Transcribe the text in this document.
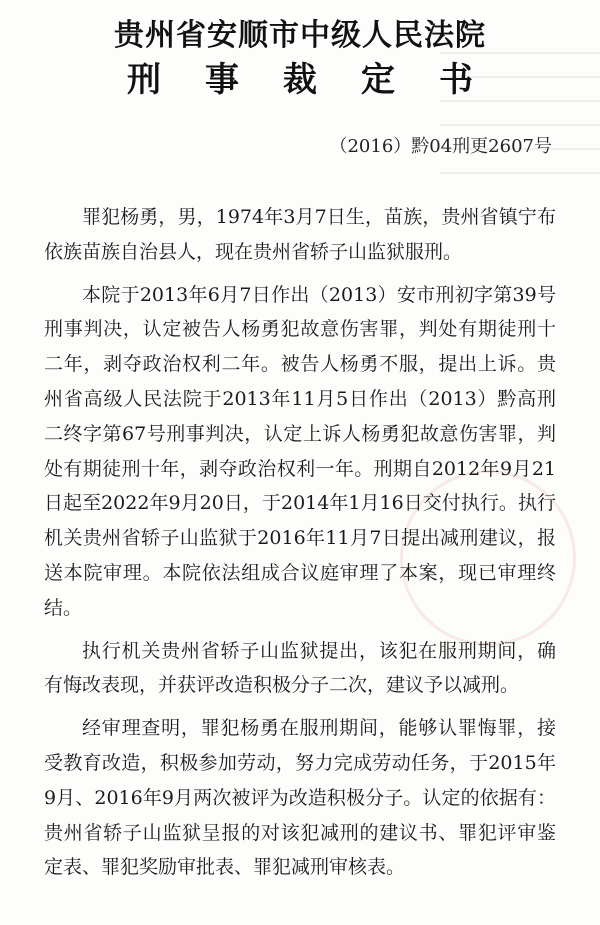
贵州省安顺市中级人民法院
刑事裁定书
（2016）黔04刑更2607号

罪犯杨勇，男，1974年3月7日生，苗族，贵州省镇宁布依族苗族自治县人，现在贵州省轿子山监狱服刑。

本院于2013年6月7日作出（2013）安市刑初字第39号刑事判决，认定被告人杨勇犯故意伤害罪，判处有期徒刑十二年，剥夺政治权利二年。被告人杨勇不服，提出上诉。贵州省高级人民法院于2013年11月5日作出（2013）黔高刑二终字第67号刑事判决，认定上诉人杨勇犯故意伤害罪，判处有期徒刑十年，剥夺政治权利一年。刑期自2012年9月21日起至2022年9月20日，于2014年1月16日交付执行。执行机关贵州省轿子山监狱于2016年11月7日提出减刑建议，报送本院审理。本院依法组成合议庭审理了本案，现已审理终结。

执行机关贵州省轿子山监狱提出，该犯在服刑期间，确有悔改表现，并获评改造积极分子二次，建议予以减刑。

经审理查明，罪犯杨勇在服刑期间，能够认罪悔罪，接受教育改造，积极参加劳动，努力完成劳动任务，于2015年9月、2016年9月两次被评为改造积极分子。认定的依据有：贵州省轿子山监狱呈报的对该犯减刑的建议书、罪犯评审鉴定表、罪犯奖励审批表、罪犯减刑审核表。
